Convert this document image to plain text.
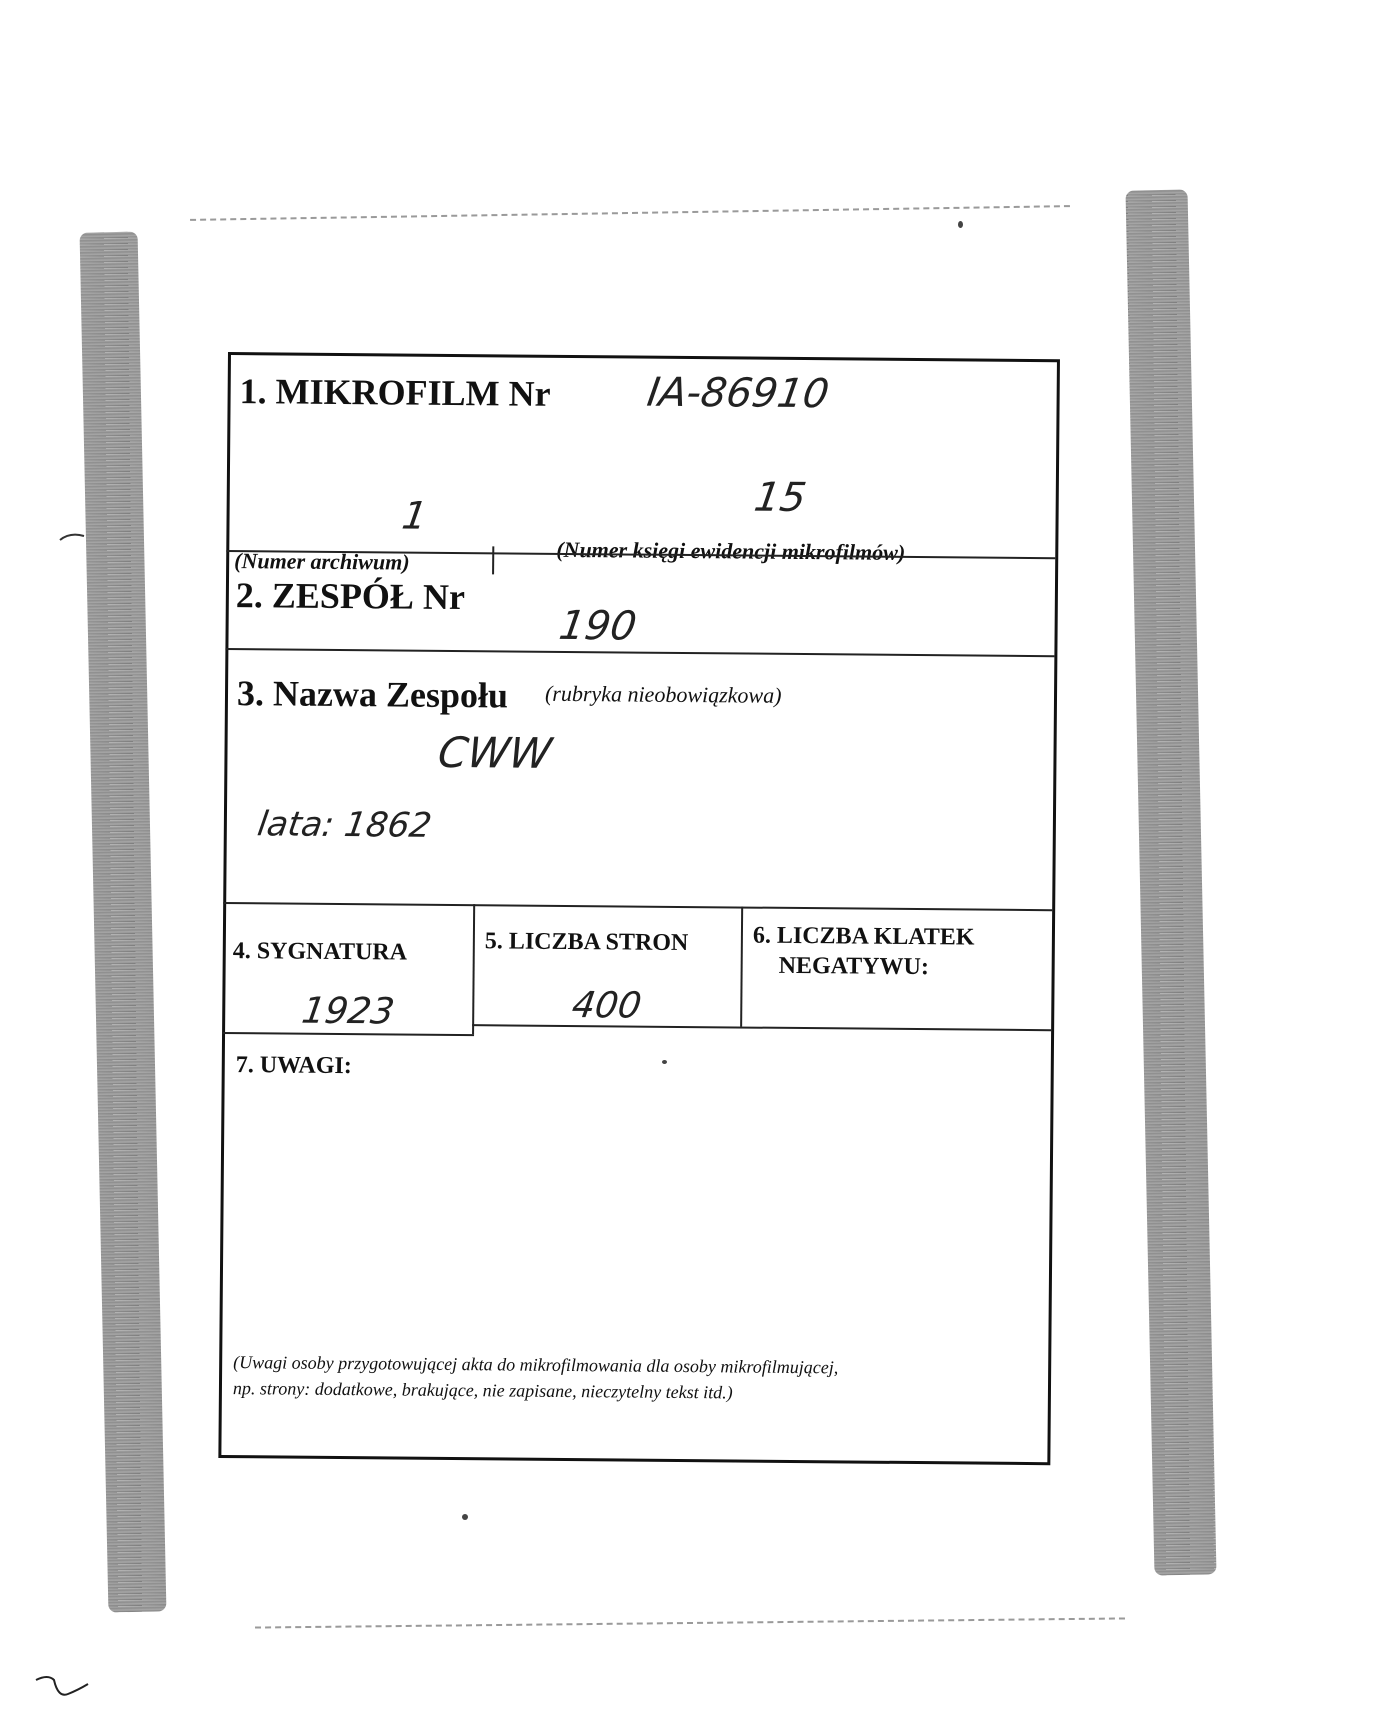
1. MIKROFILM Nr IA-86910
1	15
(Numer archiwum)	(Numer księgi ewidencji mikrofilmów)
2. ZESPÓŁ Nr
190
3. Nazwa Zespołu (rubryka nieobowiązkowa)
CWW
lata: 1862
4. SYGNATURA
1923
5. LICZBA STRON
400
6. LICZBA KLATEK
NEGATYWU:
7. UWAGI:
(Uwagi osoby przygotowującej akta do mikrofilmowania dla osoby mikrofilmującej,
np. strony: dodatkowe, brakujące, nie zapisane, nieczytelny tekst itd.)
